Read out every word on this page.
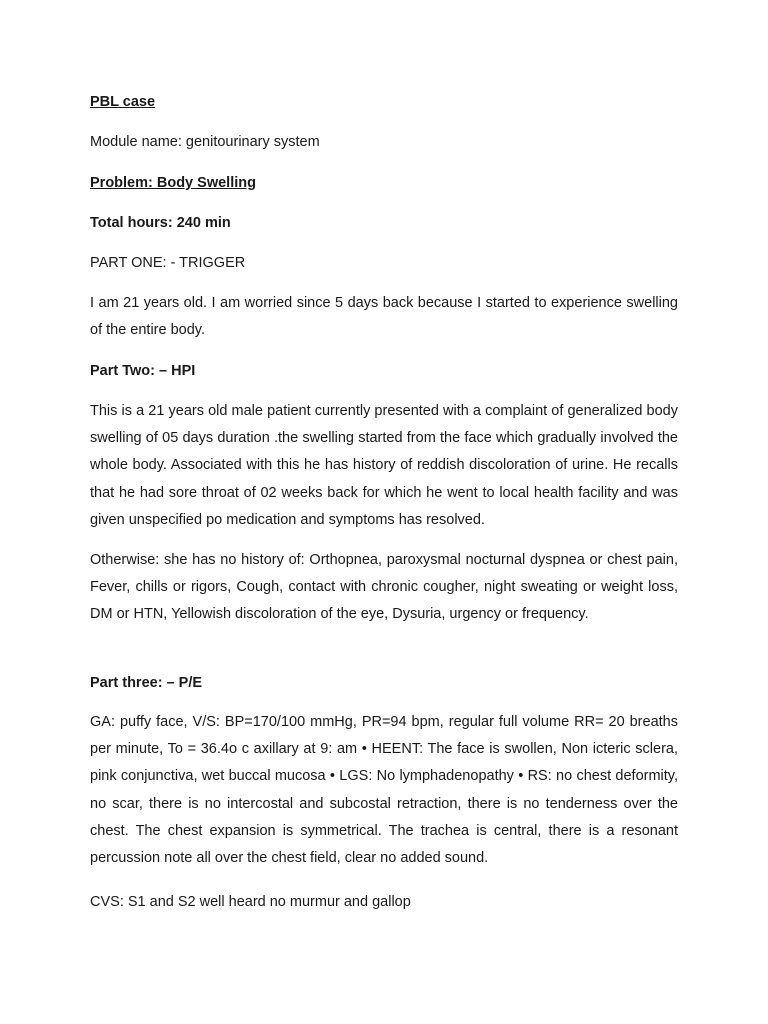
PBL case

Module name: genitourinary system

Problem: Body Swelling

Total hours: 240 min

PART ONE: - TRIGGER

I am 21 years old. I am worried since 5 days back because I started to experience swelling of the entire body.

Part Two: – HPI

This is a 21 years old male patient currently presented with a complaint of generalized body swelling of 05 days duration .the swelling started from the face which gradually involved the whole body. Associated with this he has history of reddish discoloration of urine. He recalls that he had sore throat of 02 weeks back for which he went to local health facility and was given unspecified po medication and symptoms has resolved.

Otherwise: she has no history of: Orthopnea, paroxysmal nocturnal dyspnea or chest pain, Fever, chills or rigors, Cough, contact with chronic cougher, night sweating or weight loss, DM or HTN, Yellowish discoloration of the eye, Dysuria, urgency or frequency.

Part three: – P/E

GA: puffy face, V/S: BP=170/100 mmHg, PR=94 bpm, regular full volume RR= 20 breaths per minute, To = 36.4o c axillary at 9: am • HEENT: The face is swollen, Non icteric sclera, pink conjunctiva, wet buccal mucosa • LGS: No lymphadenopathy • RS: no chest deformity, no scar, there is no intercostal and subcostal retraction, there is no tenderness over the chest. The chest expansion is symmetrical. The trachea is central, there is a resonant percussion note all over the chest field, clear no added sound.

CVS: S1 and S2 well heard no murmur and gallop
